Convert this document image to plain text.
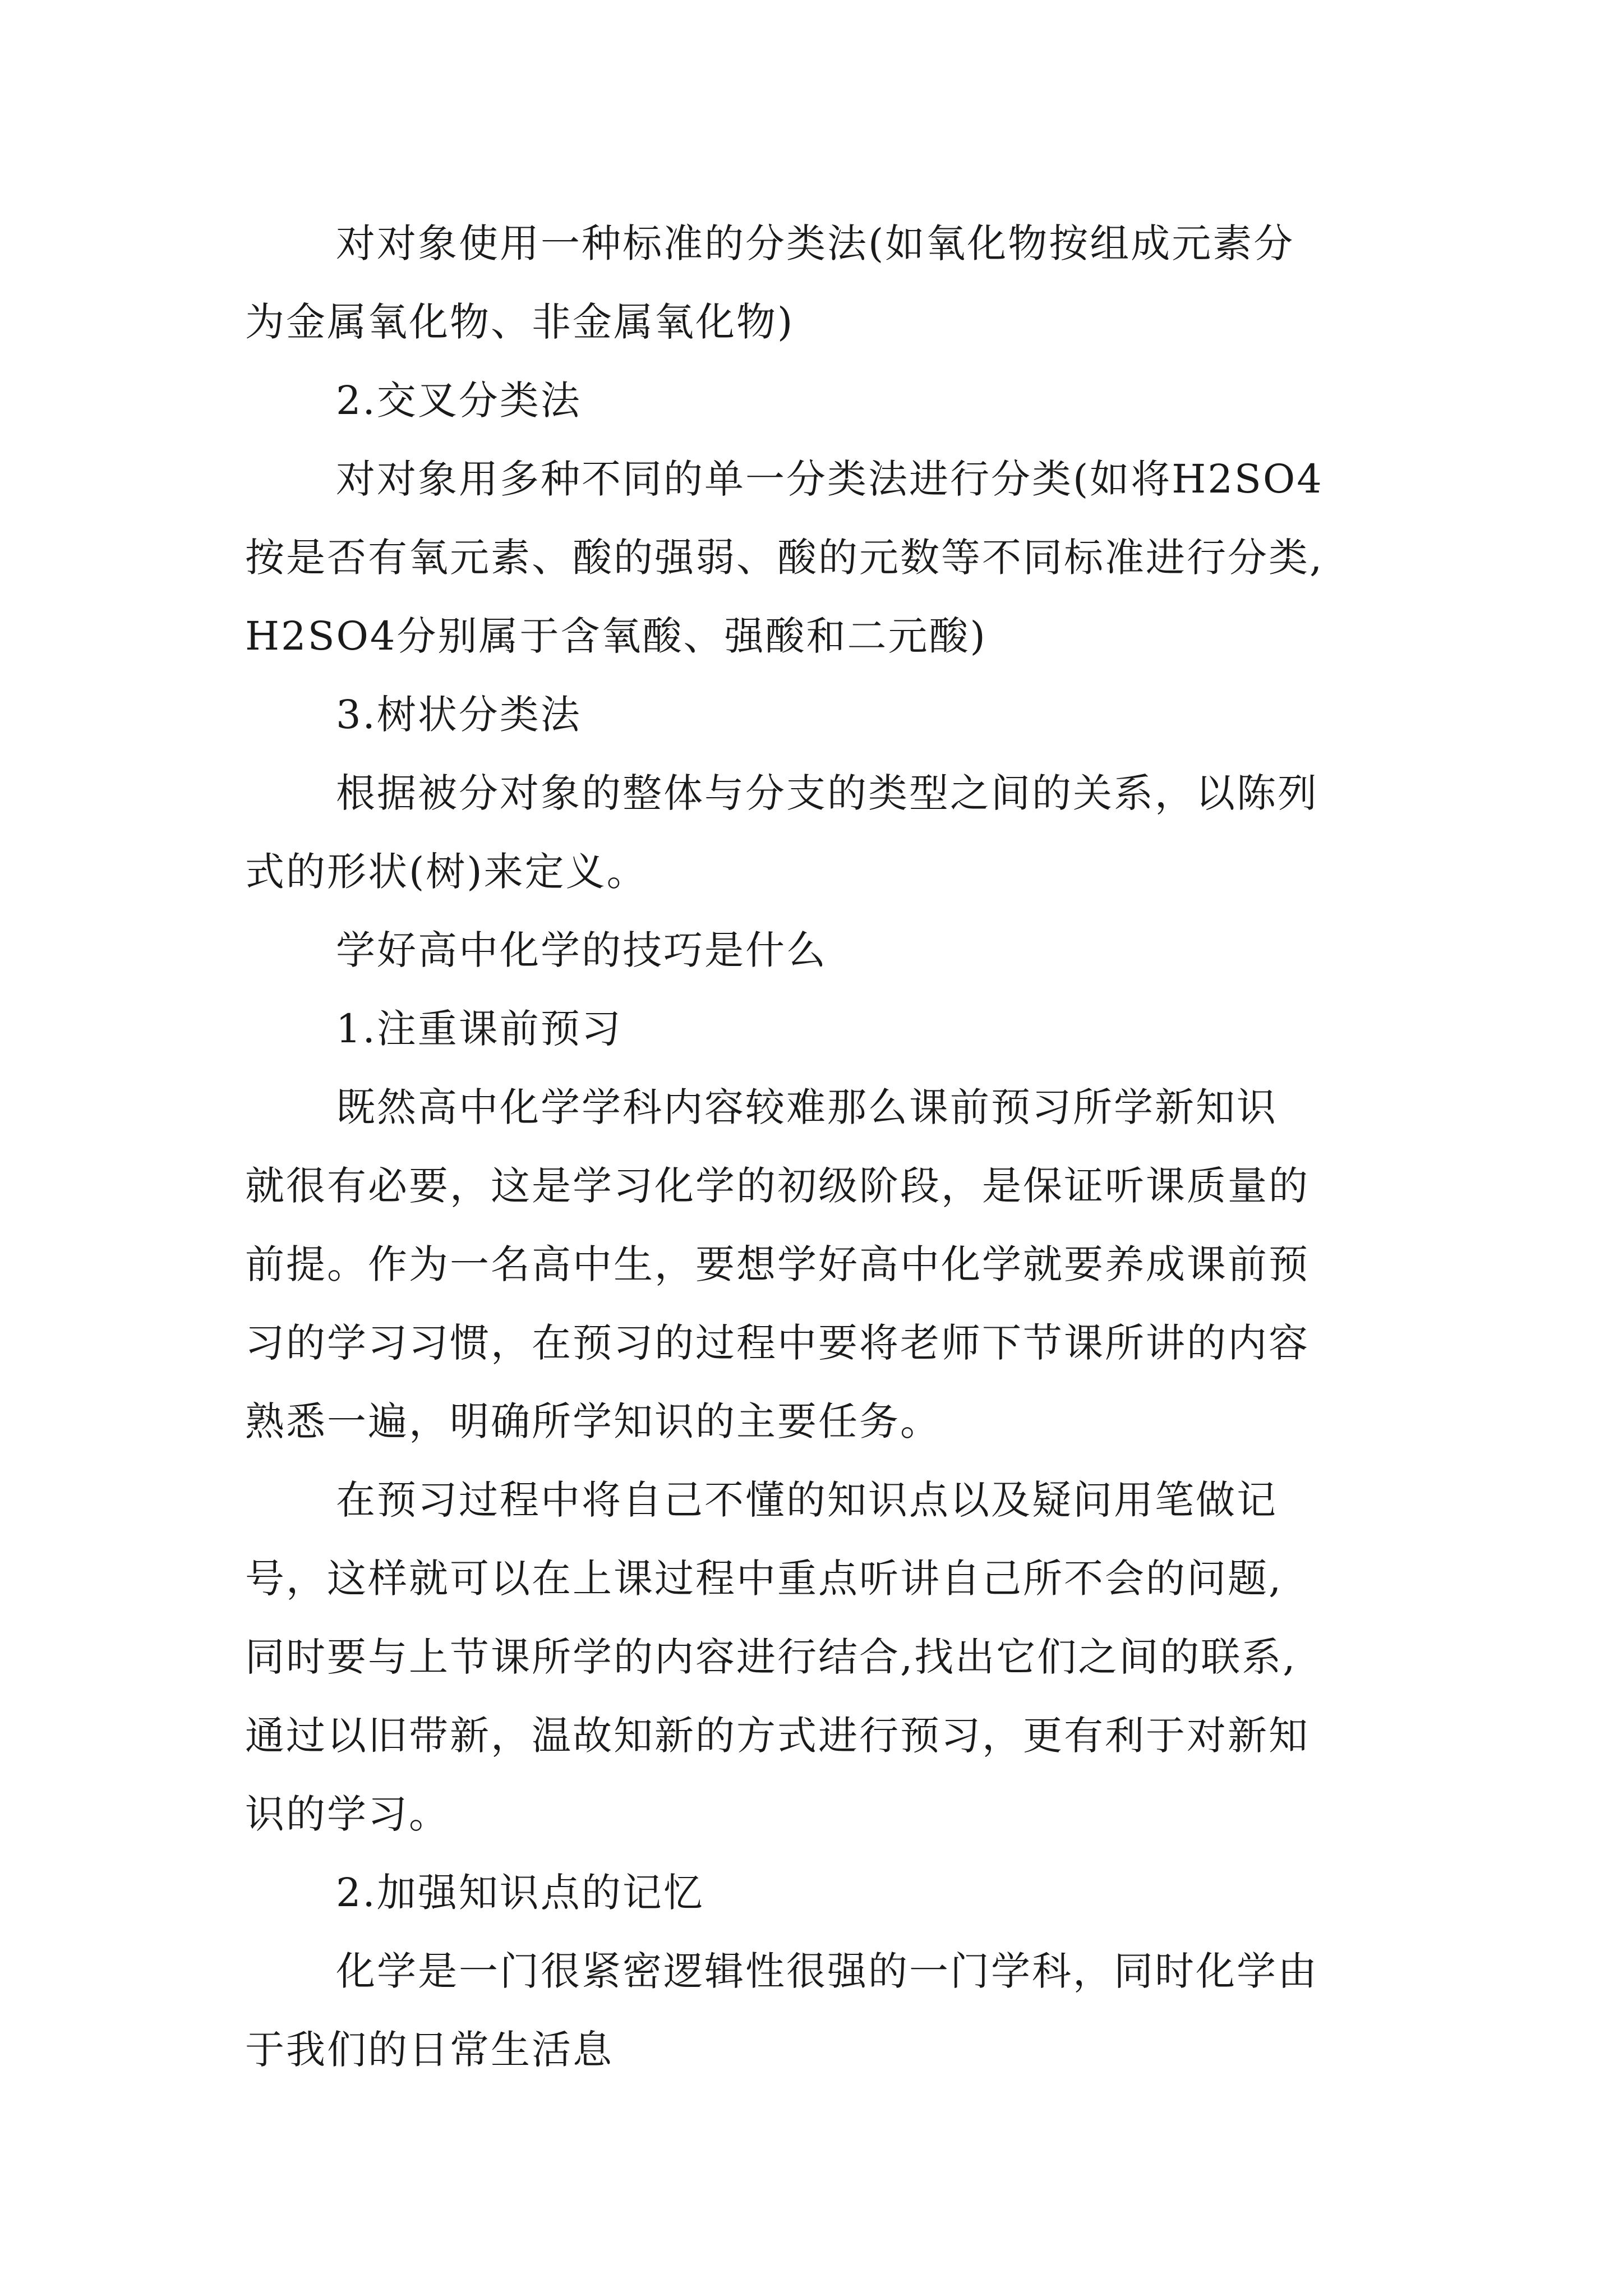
对对象使用一种标准的分类法(如氧化物按组成元素分

为金属氧化物、非金属氧化物)

2.交叉分类法

对对象用多种不同的单一分类法进行分类(如将H2SO4

按是否有氧元素、酸的强弱、酸的元数等不同标准进行分类,

H2SO4分别属于含氧酸、强酸和二元酸)

3.树状分类法

根据被分对象的整体与分支的类型之间的关系，以陈列

式的形状(树)来定义。

学好高中化学的技巧是什么

1.注重课前预习

既然高中化学学科内容较难那么课前预习所学新知识

就很有必要，这是学习化学的初级阶段，是保证听课质量的

前提。作为一名高中生，要想学好高中化学就要养成课前预

习的学习习惯，在预习的过程中要将老师下节课所讲的内容

熟悉一遍，明确所学知识的主要任务。

在预习过程中将自己不懂的知识点以及疑问用笔做记

号，这样就可以在上课过程中重点听讲自己所不会的问题,

同时要与上节课所学的内容进行结合,找出它们之间的联系,

通过以旧带新，温故知新的方式进行预习，更有利于对新知

识的学习。

2.加强知识点的记忆

化学是一门很紧密逻辑性很强的一门学科，同时化学由

于我们的日常生活息
